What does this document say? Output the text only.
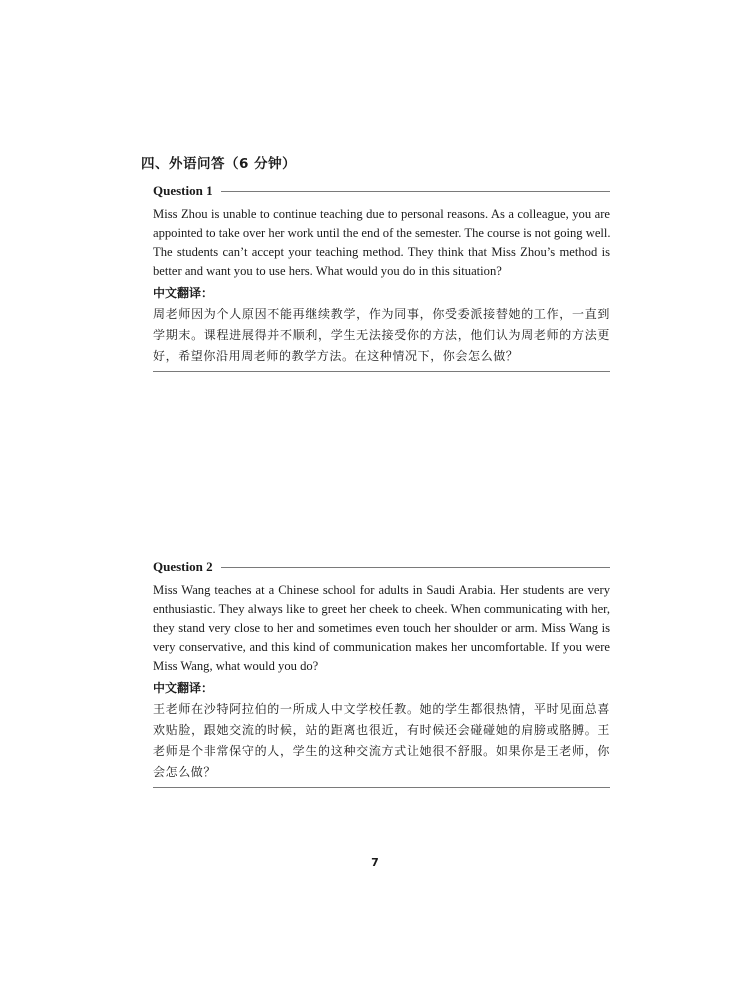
四、外语问答（6 分钟）
Question 1
Miss Zhou is unable to continue teaching due to personal reasons. As a colleague, you are
appointed to take over her work until the end of the semester. The course is not going well.
The students can’t accept your teaching method. They think that Miss Zhou’s method is
better and want you to use hers. What would you do in this situation?
中文翻译：
周老师因为个人原因不能再继续教学，作为同事，你受委派接替她的工作，一直到
学期末。课程进展得并不顺利，学生无法接受你的方法，他们认为周老师的方法更
好，希望你沿用周老师的教学方法。在这种情况下，你会怎么做？
Question 2
Miss Wang teaches at a Chinese school for adults in Saudi Arabia. Her students are very
enthusiastic. They always like to greet her cheek to cheek. When communicating with her,
they stand very close to her and sometimes even touch her shoulder or arm. Miss Wang is
very conservative, and this kind of communication makes her uncomfortable. If you were
Miss Wang, what would you do?
中文翻译：
王老师在沙特阿拉伯的一所成人中文学校任教。她的学生都很热情，平时见面总喜
欢贴脸，跟她交流的时候，站的距离也很近，有时候还会碰碰她的肩膀或胳膊。王
老师是个非常保守的人，学生的这种交流方式让她很不舒服。如果你是王老师，你
会怎么做？
7
